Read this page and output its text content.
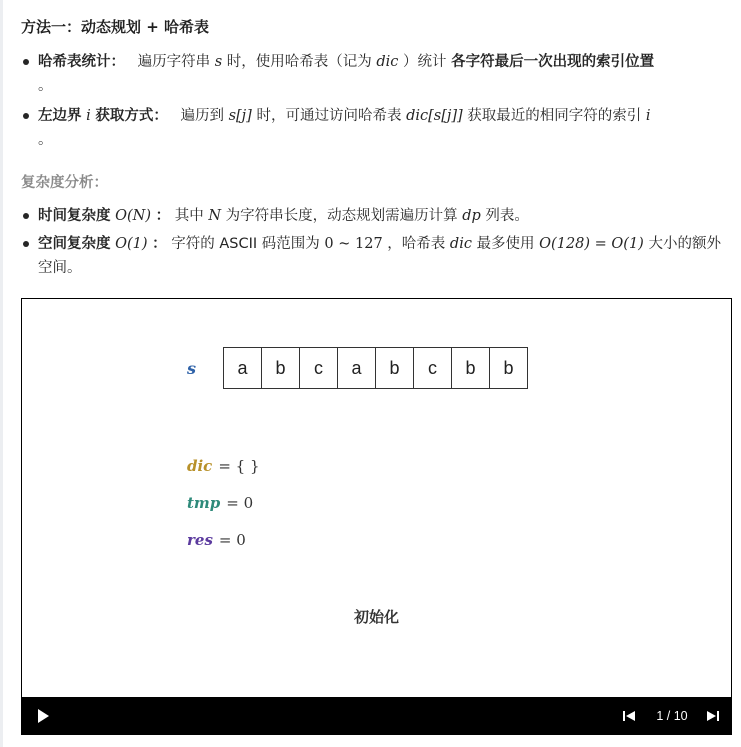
方法一：动态规划 + 哈希表
哈希表统计： 遍历字符串 s 时，使用哈希表（记为 dic ）统计 各字符最后一次出现的索引位置
。
左边界 i 获取方式： 遍历到 s[j] 时，可通过访问哈希表 dic[s[j]] 获取最近的相同字符的索引 i
。
复杂度分析：
时间复杂度 O(N) ： 其中 N 为字符串长度，动态规划需遍历计算 dp 列表。
空间复杂度 O(1) ： 字符的 ASCII 码范围为 0 ~ 127 ，哈希表 dic 最多使用 O(128) = O(1) 大小的额外空间。
s	a	b	c	a	b	c	b	b
dic = { }
tmp = 0
res = 0
初始化
1 / 10
